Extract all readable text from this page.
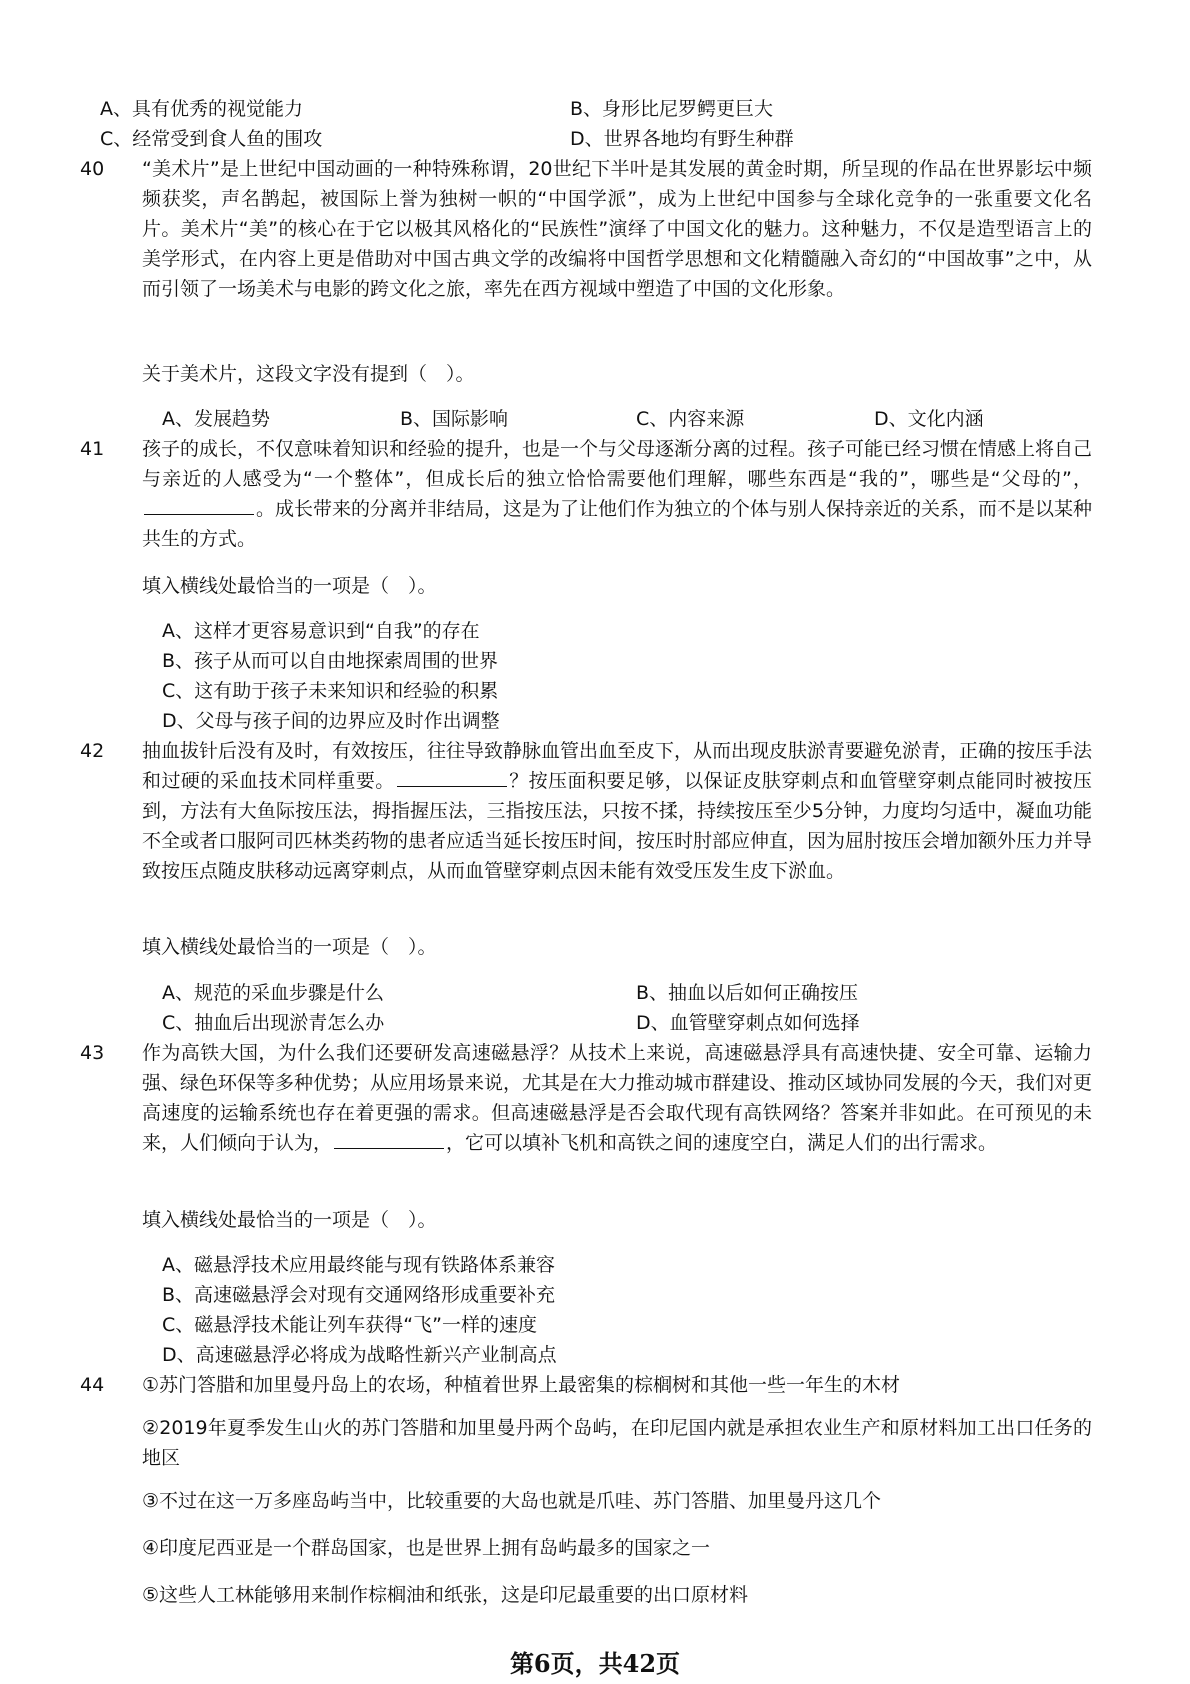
A、具有优秀的视觉能力	B、身形比尼罗鳄更巨大
C、经常受到食人鱼的围攻	D、世界各地均有野生种群
40 “美术片”是上世纪中国动画的一种特殊称谓，20世纪下半叶是其发展的黄金时期，所呈现的作品在世界影坛中频频获奖，声名鹊起，被国际上誉为独树一帜的“中国学派”，成为上世纪中国参与全球化竞争的一张重要文化名片。美术片“美”的核心在于它以极其风格化的“民族性”演绎了中国文化的魅力。这种魅力，不仅是造型语言上的美学形式，在内容上更是借助对中国古典文学的改编将中国哲学思想和文化精髓融入奇幻的“中国故事”之中，从而引领了一场美术与电影的跨文化之旅，率先在西方视域中塑造了中国的文化形象。
关于美术片，这段文字没有提到（　）。
A、发展趋势	B、国际影响	C、内容来源	D、文化内涵
41 孩子的成长，不仅意味着知识和经验的提升，也是一个与父母逐渐分离的过程。孩子可能已经习惯在情感上将自己与亲近的人感受为“一个整体”，但成长后的独立恰恰需要他们理解，哪些东西是“我的”，哪些是“父母的”，。成长带来的分离并非结局，这是为了让他们作为独立的个体与别人保持亲近的关系，而不是以某种共生的方式。
填入横线处最恰当的一项是（　）。
A、这样才更容易意识到“自我”的存在
B、孩子从而可以自由地探索周围的世界
C、这有助于孩子未来知识和经验的积累
D、父母与孩子间的边界应及时作出调整
42 抽血拔针后没有及时，有效按压，往往导致静脉血管出血至皮下，从而出现皮肤淤青要避免淤青，正确的按压手法和过硬的采血技术同样重要。	？按压面积要足够，以保证皮肤穿刺点和血管壁穿刺点能同时被按压到，方法有大鱼际按压法，拇指握压法，三指按压法，只按不揉，持续按压至少5分钟，力度均匀适中，凝血功能不全或者口服阿司匹林类药物的患者应适当延长按压时间，按压时肘部应伸直，因为屈肘按压会增加额外压力并导致按压点随皮肤移动远离穿刺点，从而血管壁穿刺点因未能有效受压发生皮下淤血。
填入横线处最恰当的一项是（　）。
A、规范的采血步骤是什么	B、抽血以后如何正确按压
C、抽血后出现淤青怎么办	D、血管壁穿刺点如何选择
43 作为高铁大国，为什么我们还要研发高速磁悬浮？从技术上来说，高速磁悬浮具有高速快捷、安全可靠、运输力强、绿色环保等多种优势；从应用场景来说，尤其是在大力推动城市群建设、推动区域协同发展的今天，我们对更高速度的运输系统也存在着更强的需求。但高速磁悬浮是否会取代现有高铁网络？答案并非如此。在可预见的未来，人们倾向于认为，	，它可以填补飞机和高铁之间的速度空白，满足人们的出行需求。
填入横线处最恰当的一项是（　）。
A、磁悬浮技术应用最终能与现有铁路体系兼容
B、高速磁悬浮会对现有交通网络形成重要补充
C、磁悬浮技术能让列车获得“飞”一样的速度
D、高速磁悬浮必将成为战略性新兴产业制高点
44 ①苏门答腊和加里曼丹岛上的农场，种植着世界上最密集的棕榈树和其他一些一年生的木材
②2019年夏季发生山火的苏门答腊和加里曼丹两个岛屿，在印尼国内就是承担农业生产和原材料加工出口任务的地区
③不过在这一万多座岛屿当中，比较重要的大岛也就是爪哇、苏门答腊、加里曼丹这几个
④印度尼西亚是一个群岛国家，也是世界上拥有岛屿最多的国家之一
⑤这些人工林能够用来制作棕榈油和纸张，这是印尼最重要的出口原材料
第6页，共42页
